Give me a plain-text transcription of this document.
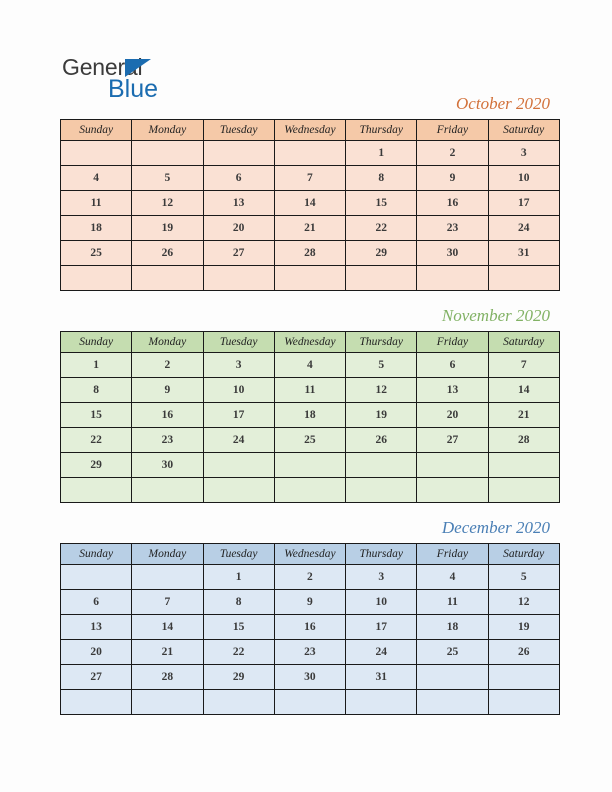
General
Blue
October 2020
Sunday	Monday	Tuesday	Wednesday	Thursday	Friday	Saturday
				1	2	3
4	5	6	7	8	9	10
11	12	13	14	15	16	17
18	19	20	21	22	23	24
25	26	27	28	29	30	31

November 2020
Sunday	Monday	Tuesday	Wednesday	Thursday	Friday	Saturday
1	2	3	4	5	6	7
8	9	10	11	12	13	14
15	16	17	18	19	20	21
22	23	24	25	26	27	28
29	30					

December 2020
Sunday	Monday	Tuesday	Wednesday	Thursday	Friday	Saturday
		1	2	3	4	5
6	7	8	9	10	11	12
13	14	15	16	17	18	19
20	21	22	23	24	25	26
27	28	29	30	31		
